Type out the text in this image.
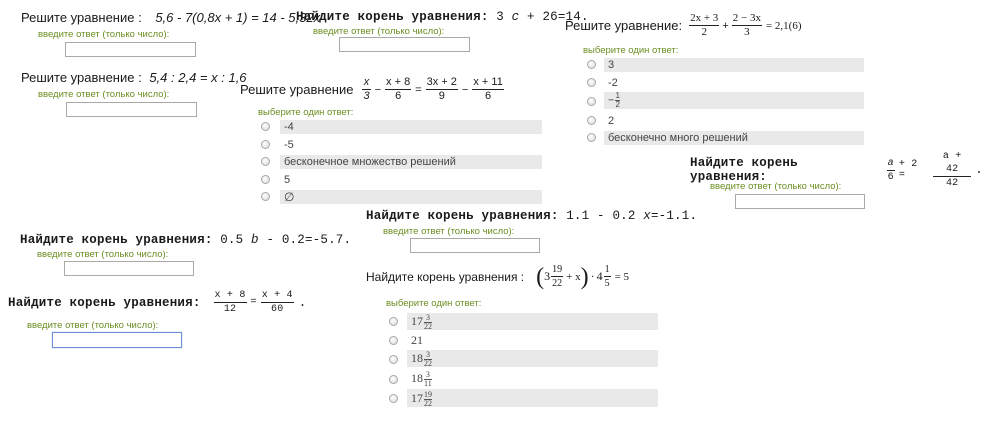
Решите уравнение : 5,6 - 7(0,8x + 1) = 14 - 5,32x
введите ответ (только число):
Решите уравнение : 5,4 : 2,4 = x : 1,6
введите ответ (только число):
Найдите корень уравнения: 3 c + 26=14.
введите ответ (только число):
Решите уравнение $\frac{x}{3} - \frac{x + 8}{6} = \frac{3x + 2}{9} - \frac{x + 11}{6}$
выберите один ответ:
-4
-5
бесконечное множество решений
5
∅
Решите уравнение: $\frac{2x + 3}{2} + \frac{2 - 3x}{3} = 2,1(6)$
выберите один ответ:
3
-2
− $\frac{1}{2}$
2
бесконечно много решений
Найдите корень уравнения:	$\frac{a}{6} + 2$ =	$\frac{a + 42}{42}$ .
введите ответ (только число):
Найдите корень уравнения: 1.1 - 0.2 x=-1.1.
введите ответ (только число):
Найдите корень уравнения: 0.5 b - 0.2=-5.7.
введите ответ (только число):
Найдите корень уравнения: $\frac{x + 8}{12} = \frac{x + 4}{60}$ .
введите ответ (только число):
Найдите корень уравнения : ( $3 \frac{19}{22} + x$ ) · $4 \frac{1}{5} = 5$
выберите один ответ:
$17 \frac{3}{22}$
21
$18 \frac{3}{22}$
$18 \frac{3}{11}$
$17 \frac{19}{22}$
